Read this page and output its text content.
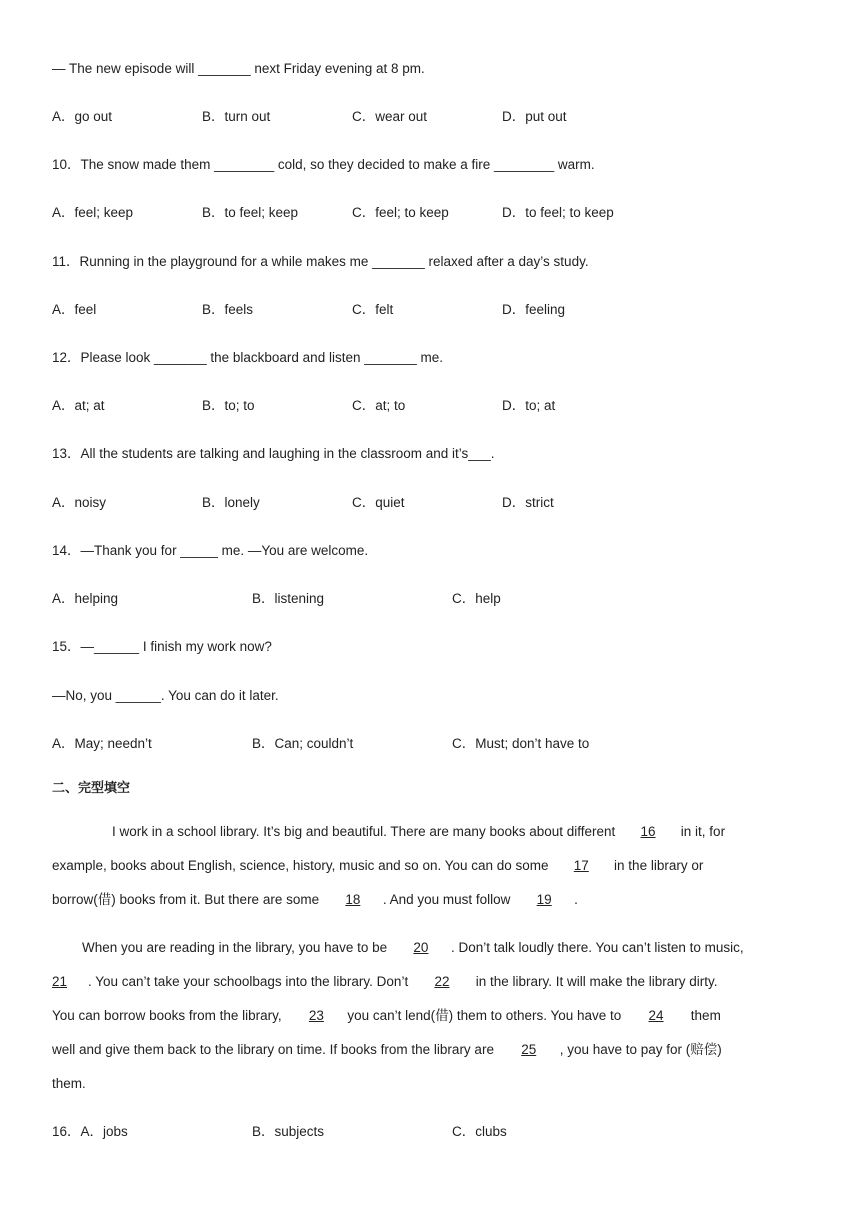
— The new episode will _______ next Friday evening at 8 pm.
A．go out	B．turn out	C．wear out	D．put out
10．The snow made them ________ cold, so they decided to make a fire ________ warm.
A．feel; keep	B．to feel; keep	C．feel; to keep	D．to feel; to keep
11．Running in the playground for a while makes me _______ relaxed after a day’s study.
A．feel	B．feels	C．felt	D．feeling
12．Please look _______ the blackboard and listen _______ me.
A．at; at	B．to; to	C．at; to	D．to; at
13．All the students are talking and laughing in the classroom and it’s___.
A．noisy	B．lonely	C．quiet	D．strict
14．—Thank you for _____ me. —You are welcome.
A．helping	B．listening	C．help
15．—______ I finish my work now?
—No, you ______. You can do it later.
A．May; needn’t	B．Can; couldn’t	C．Must; don’t have to
二、完型填空
I work in a school library. It’s big and beautiful. There are many books about different 16 in it, for
example, books about English, science, history, music and so on. You can do some 17 in the library or
borrow(借) books from it. But there are some 18 . And you must follow 19 .
When you are reading in the library, you have to be 20 . Don’t talk loudly there. You can’t listen to music,
21 . You can’t take your schoolbags into the library. Don’t 22 in the library. It will make the library dirty.
You can borrow books from the library, 23 you can’t lend(借) them to others. You have to 24 them
well and give them back to the library on time. If books from the library are 25 , you have to pay for (赔偿)
them.
16．A．jobs	B．subjects	C．clubs
